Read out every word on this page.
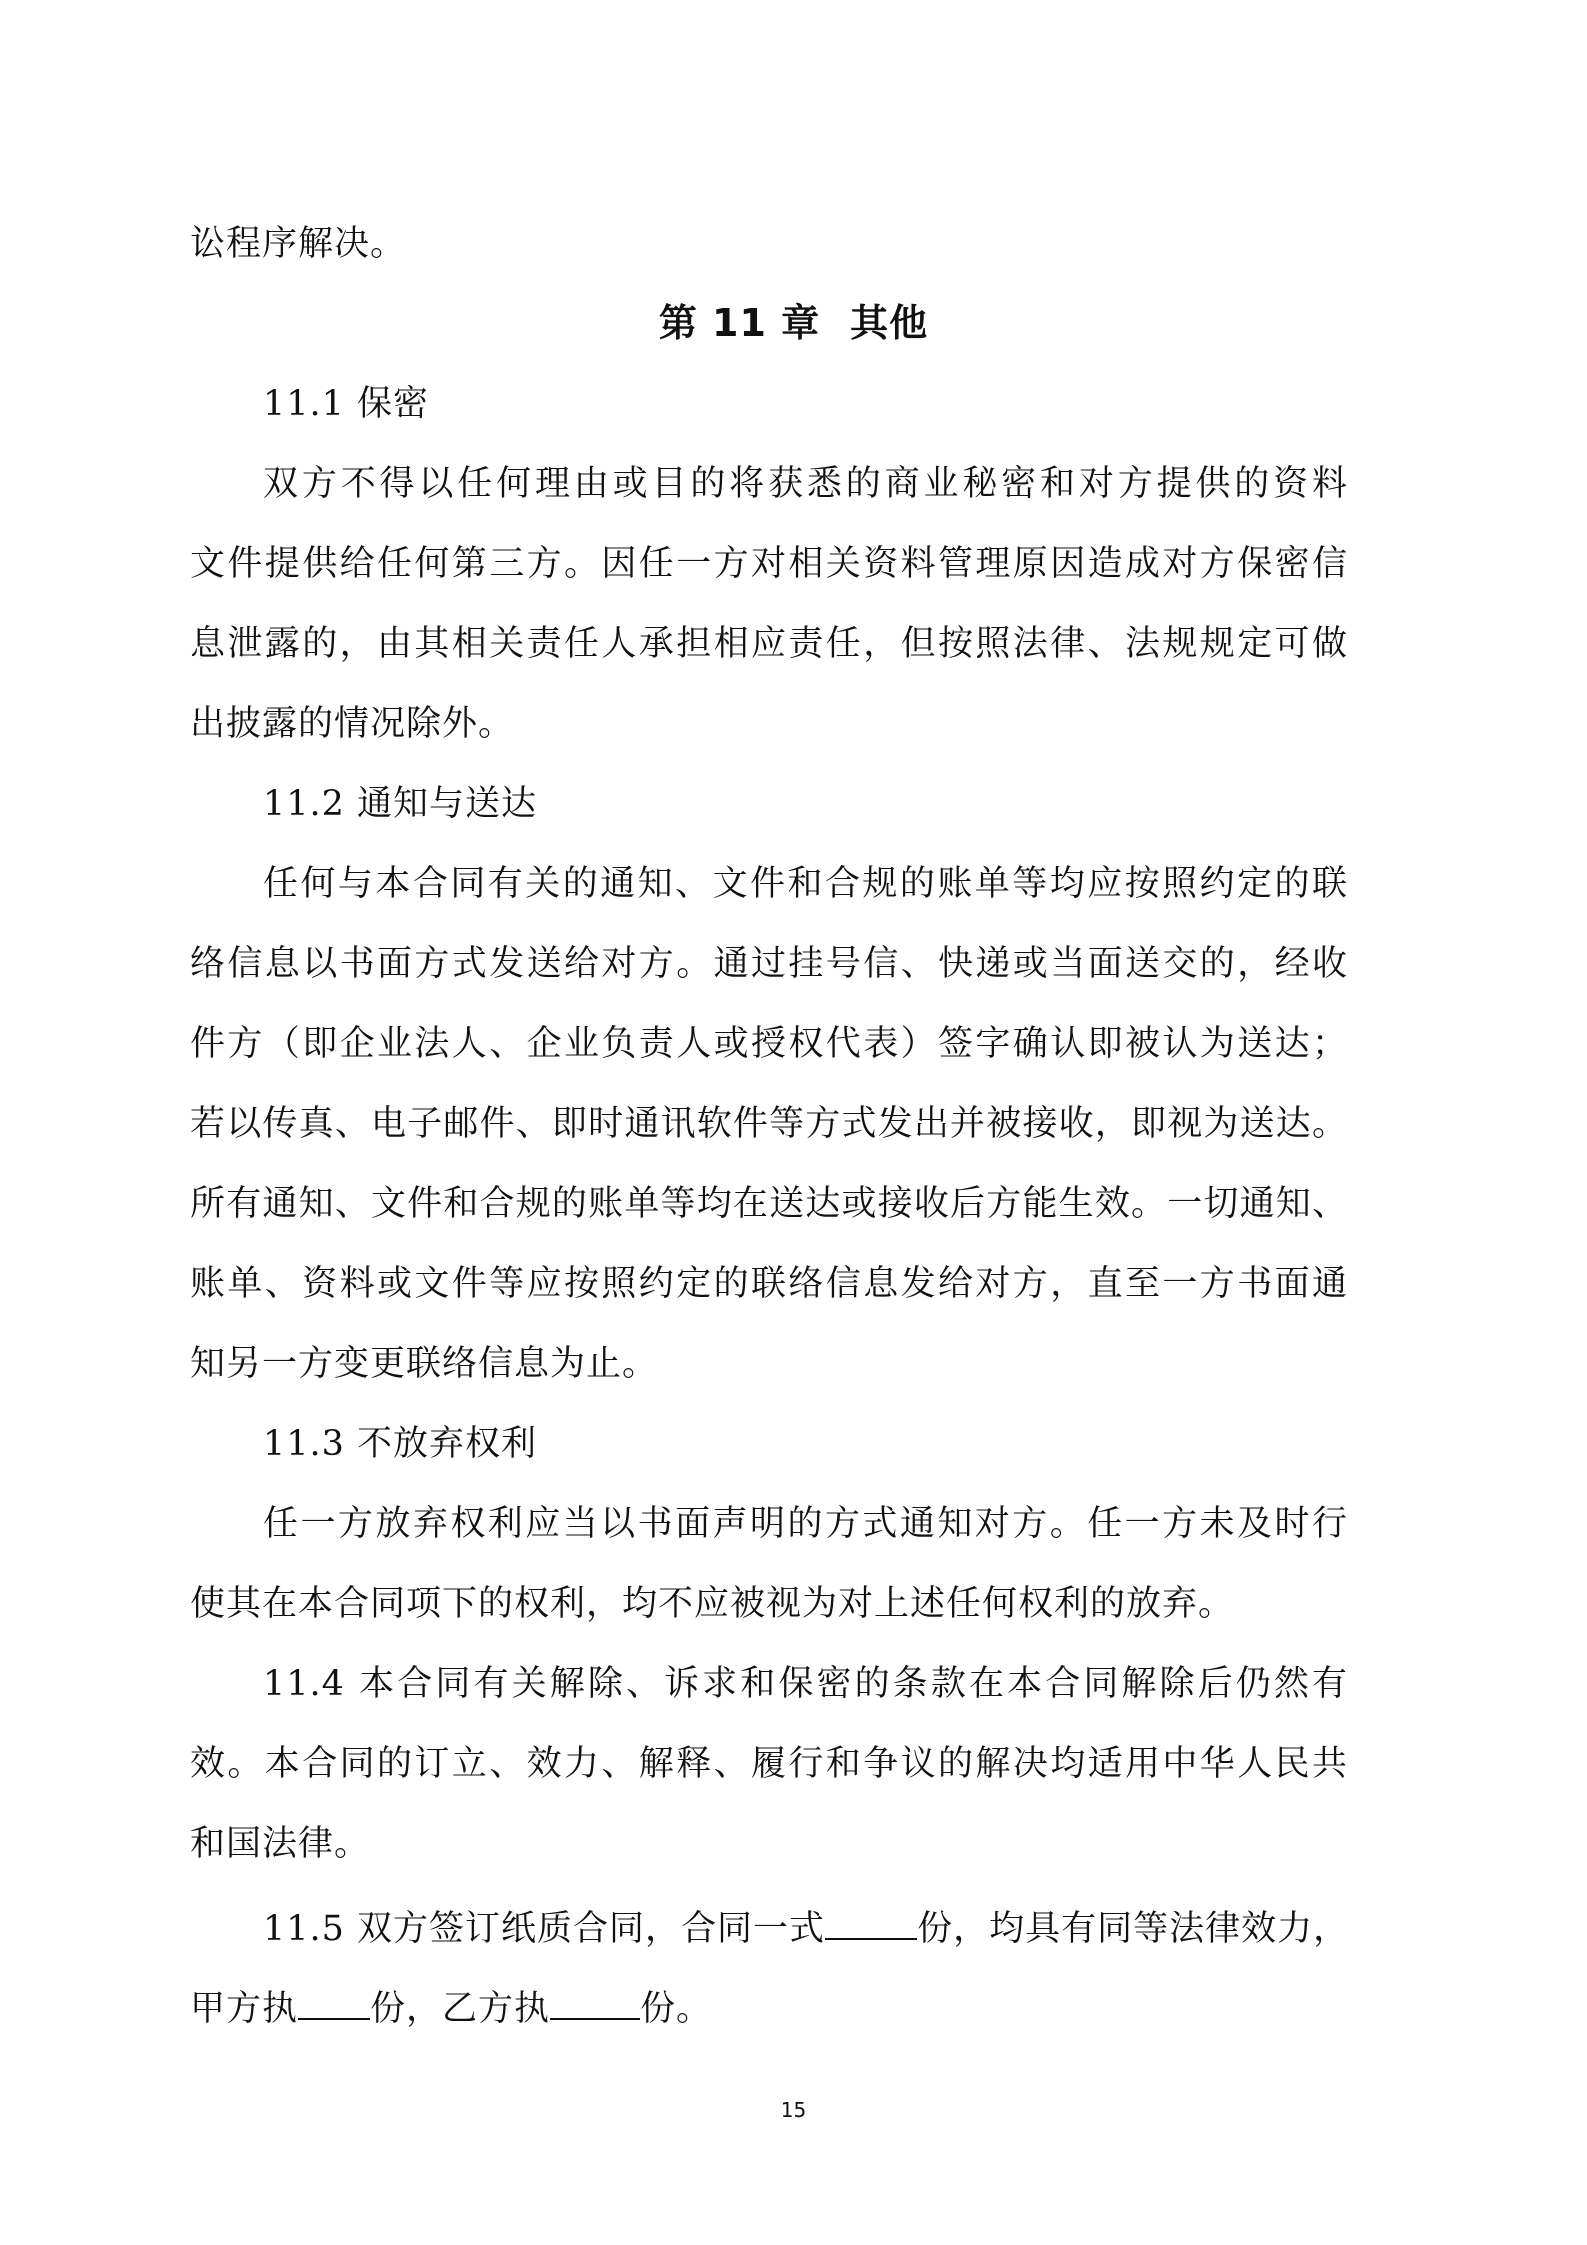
讼程序解决。
第 11 章 其他
11.1 保密
双方不得以任何理由或目的将获悉的商业秘密和对方提供的资料
文件提供给任何第三方。因任一方对相关资料管理原因造成对方保密信
息泄露的，由其相关责任人承担相应责任，但按照法律、法规规定可做
出披露的情况除外。
11.2 通知与送达
任何与本合同有关的通知、文件和合规的账单等均应按照约定的联
络信息以书面方式发送给对方。通过挂号信、快递或当面送交的，经收
件方（即企业法人、企业负责人或授权代表）签字确认即被认为送达；
若以传真、电子邮件、即时通讯软件等方式发出并被接收，即视为送达。
所有通知、文件和合规的账单等均在送达或接收后方能生效。一切通知、
账单、资料或文件等应按照约定的联络信息发给对方，直至一方书面通
知另一方变更联络信息为止。
11.3 不放弃权利
任一方放弃权利应当以书面声明的方式通知对方。任一方未及时行
使其在本合同项下的权利，均不应被视为对上述任何权利的放弃。
11.4 本合同有关解除、诉求和保密的条款在本合同解除后仍然有
效。本合同的订立、效力、解释、履行和争议的解决均适用中华人民共
和国法律。
11.5 双方签订纸质合同，合同一式	份，均具有同等法律效力，
甲方执 份，乙方执	份。
15
